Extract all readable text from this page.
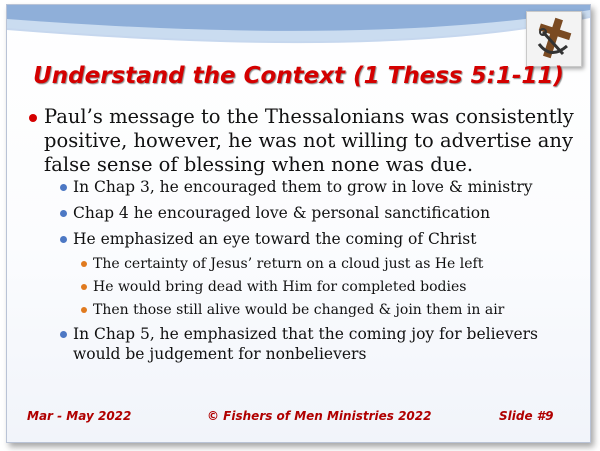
Understand the Context (1 Thess 5:1-11)
Paul’s message to the Thessalonians was consistently
positive, however, he was not willing to advertise any
false sense of blessing when none was due.
In Chap 3, he encouraged them to grow in love & ministry
Chap 4 he encouraged love & personal sanctification
He emphasized an eye toward the coming of Christ
The certainty of Jesus’ return on a cloud just as He left
He would bring dead with Him for completed bodies
Then those still alive would be changed & join them in air
In Chap 5, he emphasized that the coming joy for believers
would be judgement for nonbelievers
Mar - May 2022	© Fishers of Men Ministries 2022	Slide #9
